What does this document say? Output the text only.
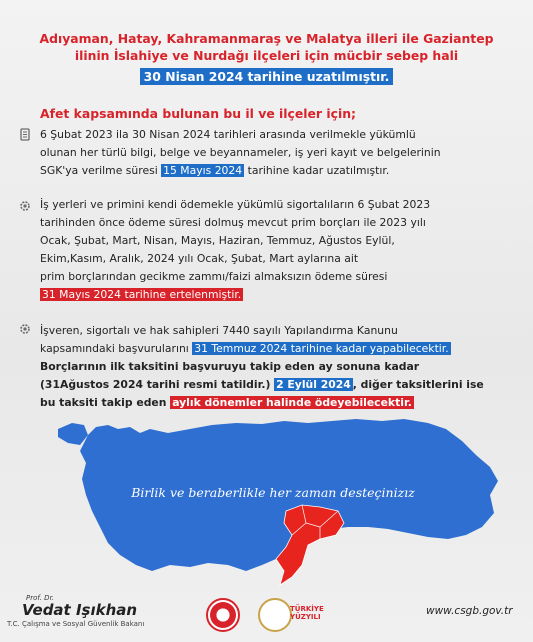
Adıyaman, Hatay, Kahramanmaraş ve Malatya illeri ile Gaziantep
ilinin İslahiye ve Nurdağı ilçeleri için mücbir sebep hali
30 Nisan 2024 tarihine uzatılmıştır.
Afet kapsamında bulunan bu il ve ilçeler için;
6 Şubat 2023 ila 30 Nisan 2024 tarihleri arasında verilmekle yükümlü
olunan her türlü bilgi, belge ve beyannameler, iş yeri kayıt ve belgelerinin
SGK'ya verilme süresi 15 Mayıs 2024 tarihine kadar uzatılmıştır.
İş yerleri ve primini kendi ödemekle yükümlü sigortalıların 6 Şubat 2023
tarihinden önce ödeme süresi dolmuş mevcut prim borçları ile 2023 yılı
Ocak, Şubat, Mart, Nisan, Mayıs, Haziran, Temmuz, Ağustos Eylül,
Ekim,Kasım, Aralık, 2024 yılı Ocak, Şubat, Mart aylarına ait
prim borçlarından gecikme zammı/faizi almaksızın ödeme süresi
31 Mayıs 2024 tarihine ertelenmiştir.
İşveren, sigortalı ve hak sahipleri 7440 sayılı Yapılandırma Kanunu
kapsamındaki başvurularını 31 Temmuz 2024 tarihine kadar yapabilecektir.
Borçlarının ilk taksitini başvuruyu takip eden ay sonuna kadar
(31Ağustos 2024 tarihi resmi tatildir.) 2 Eylül 2024 , diğer taksitlerini ise
bu taksiti takip eden aylık dönemler halinde ödeyebilecektir.
Birlik ve beraberlikle her zaman desteçinizız
Prof. Dr.
Vedat Işıkhan
T.C. Çalışma ve Sosyal Güvenlik Bakanı
TÜRKİYE
YÜZYILI	www.csgb.gov.tr
